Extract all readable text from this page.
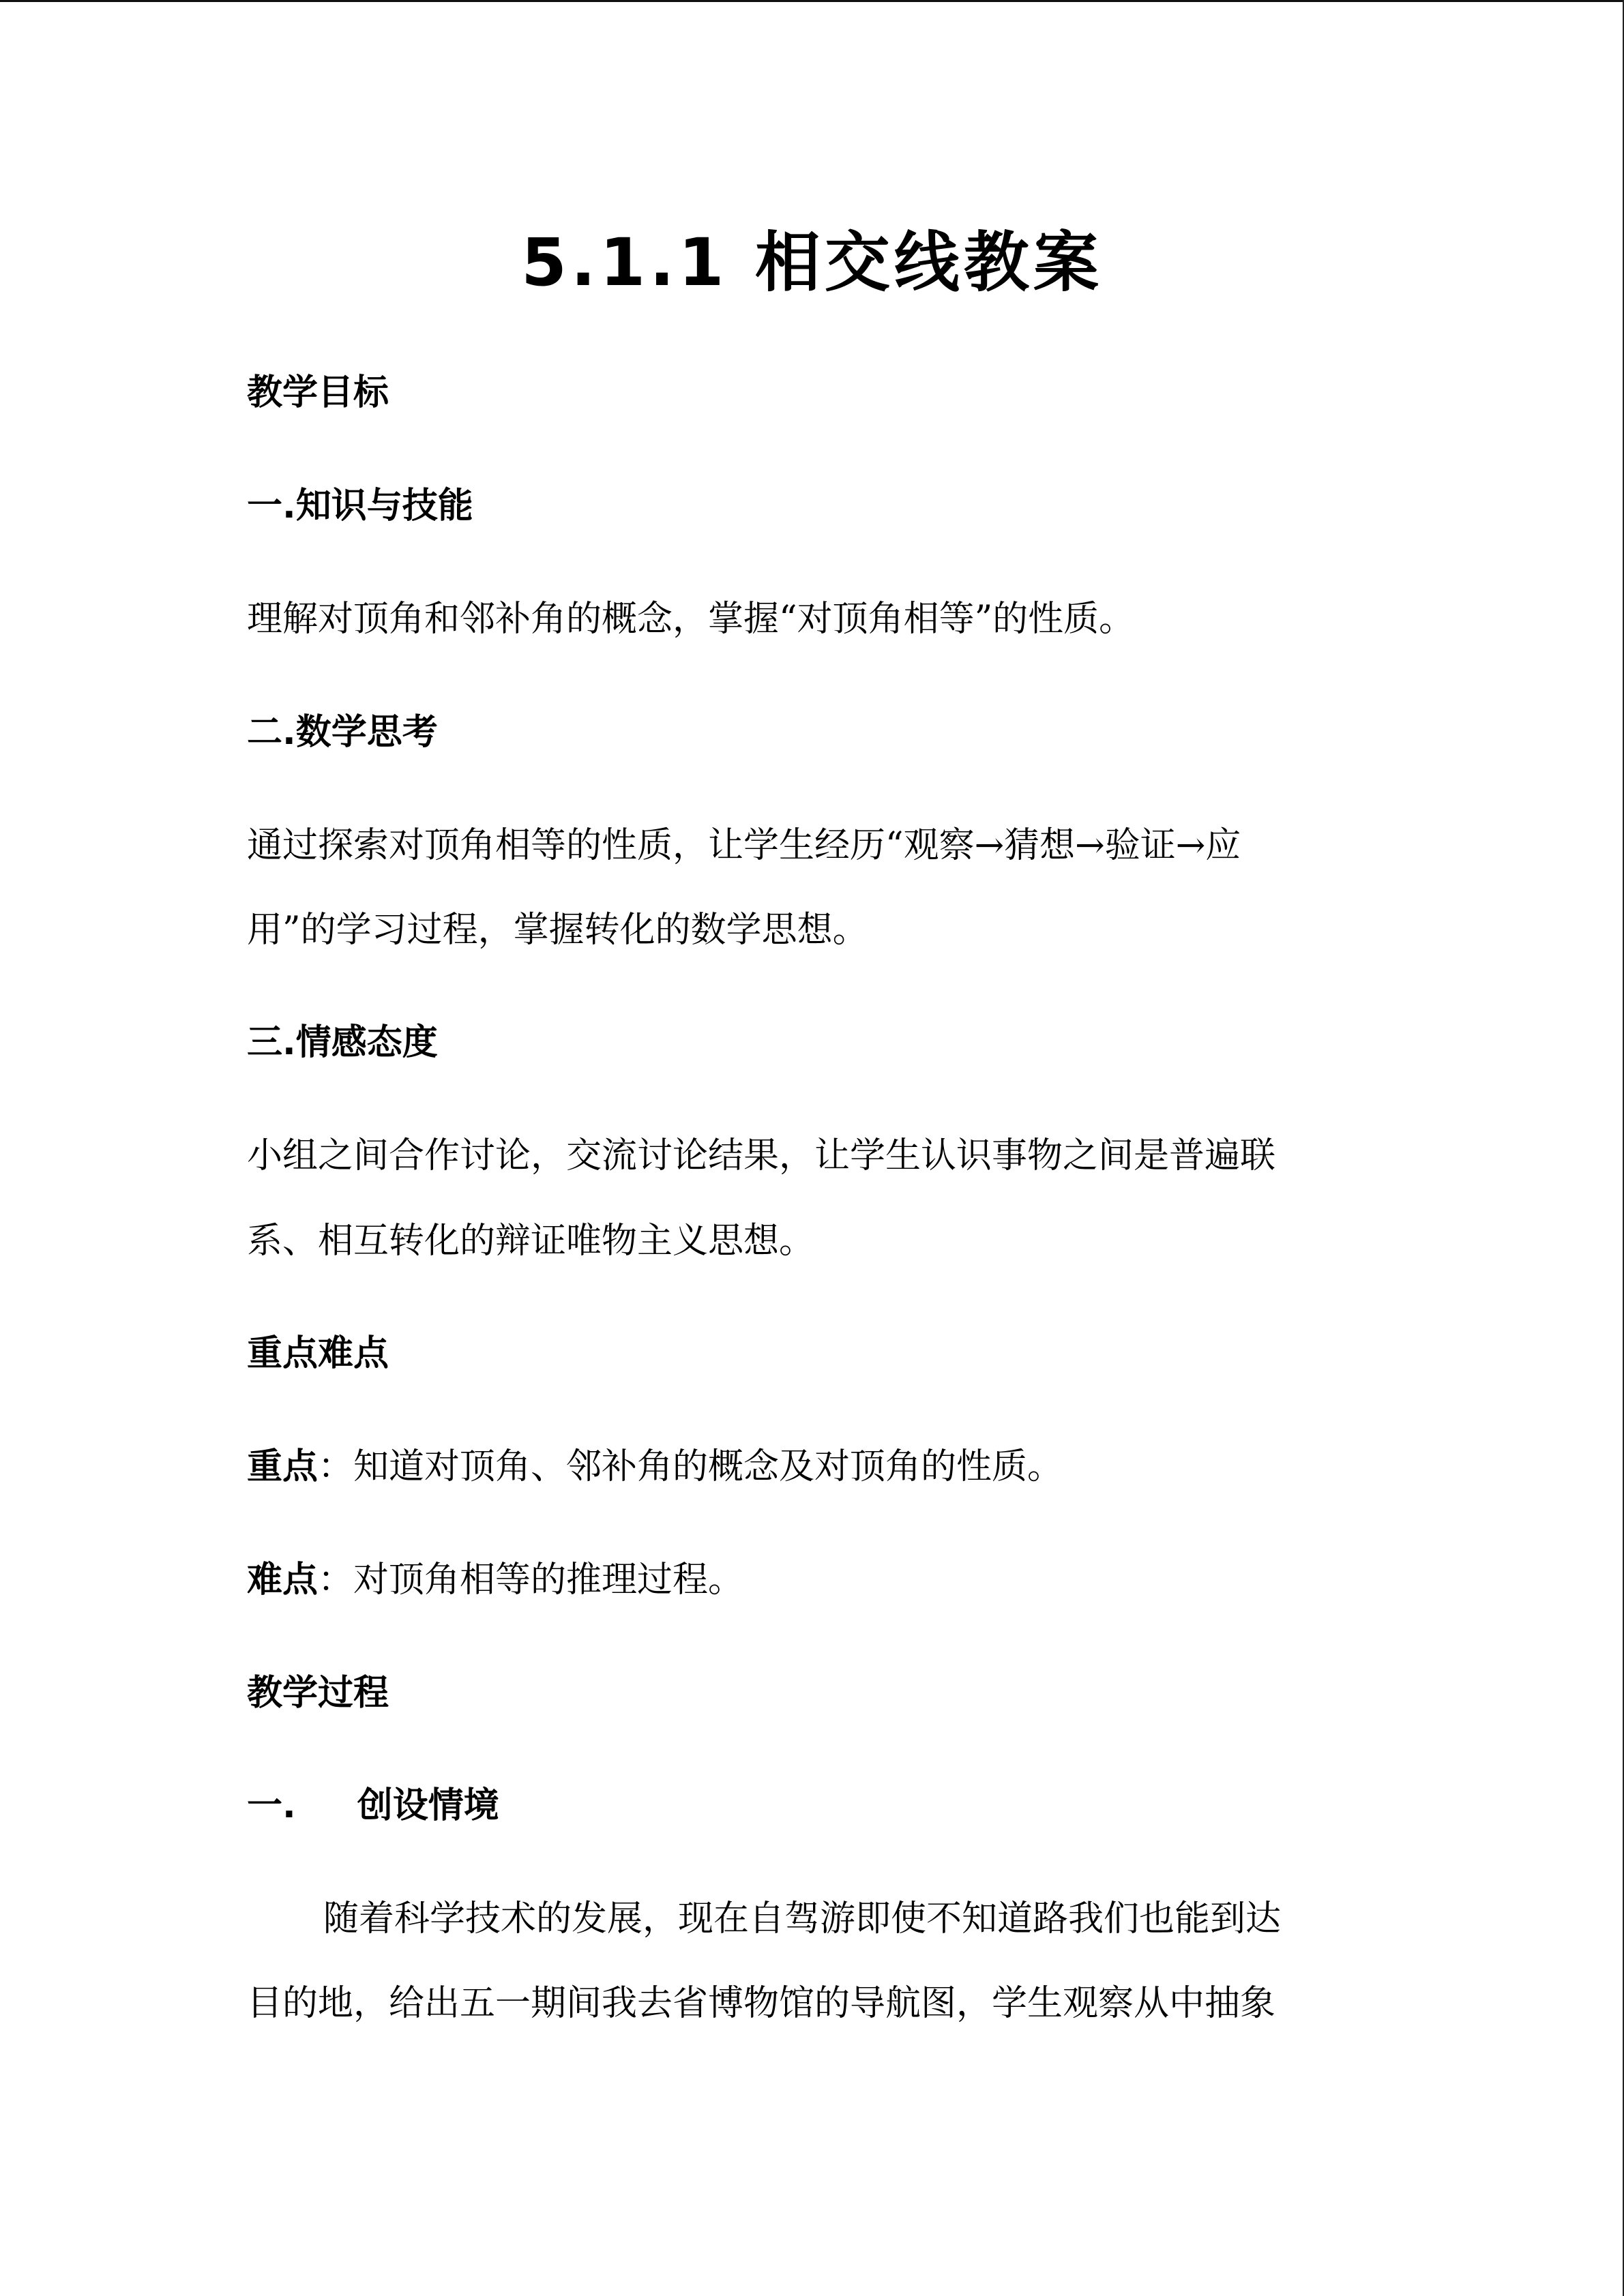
5.1.1 相交线教案
教学目标
一.知识与技能
理解对顶角和邻补角的概念，掌握“对顶角相等”的性质。
二.数学思考
通过探索对顶角相等的性质，让学生经历“观察→猜想→验证→应
用”的学习过程，掌握转化的数学思想。
三.情感态度
小组之间合作讨论，交流讨论结果，让学生认识事物之间是普遍联
系、相互转化的辩证唯物主义思想。
重点难点
重点：知道对顶角、邻补角的概念及对顶角的性质。
难点：对顶角相等的推理过程。
教学过程
一. 创设情境
随着科学技术的发展，现在自驾游即使不知道路我们也能到达
目的地，给出五一期间我去省博物馆的导航图，学生观察从中抽象
